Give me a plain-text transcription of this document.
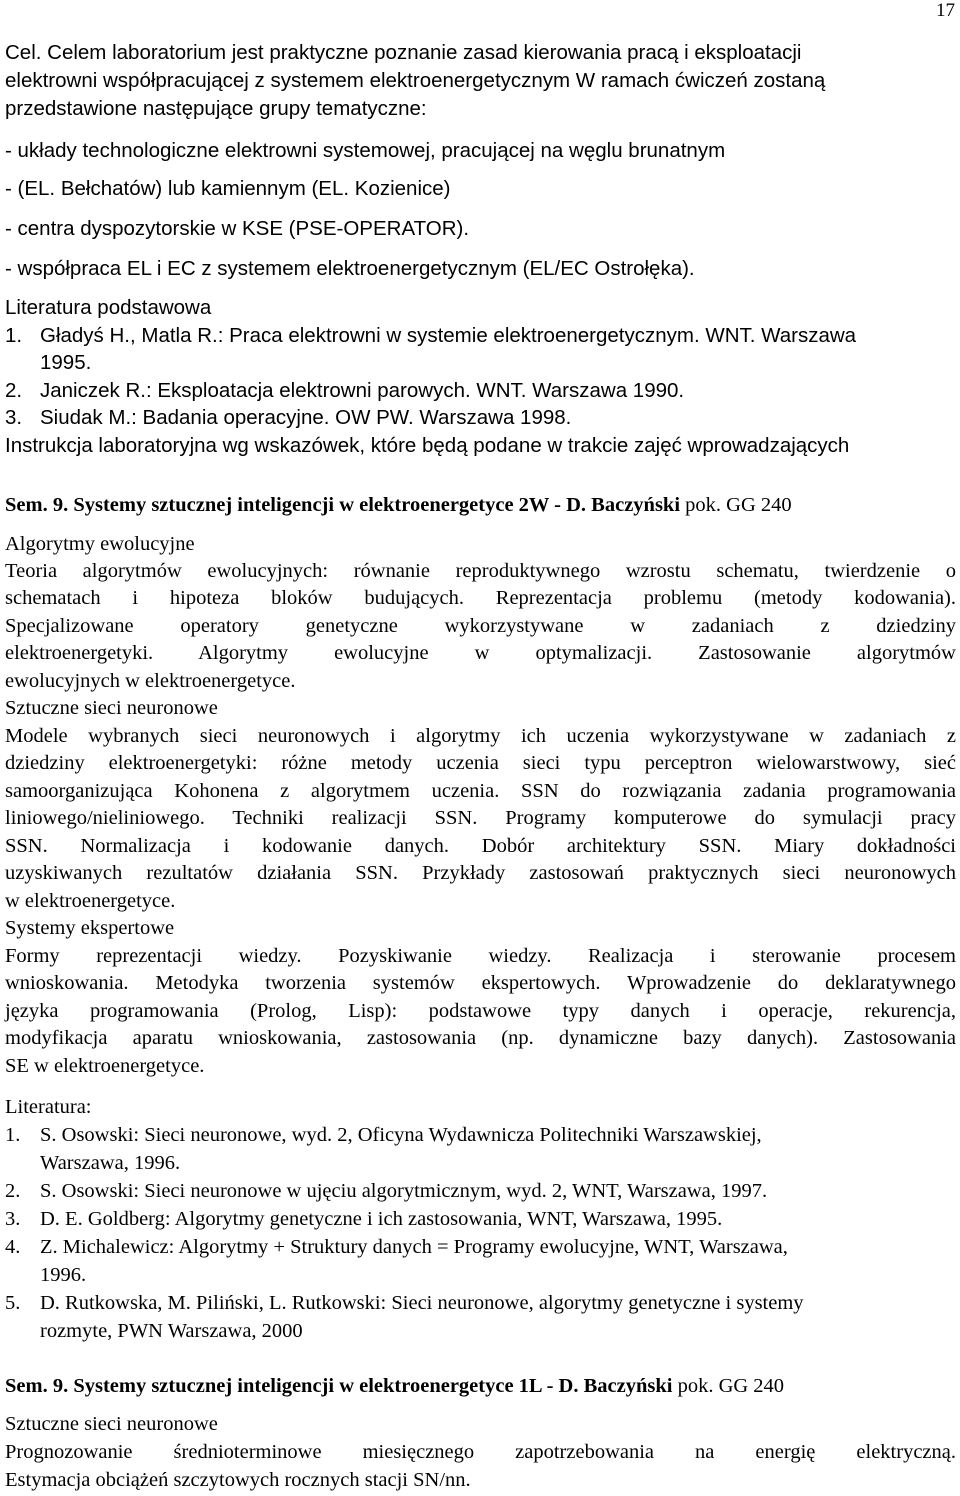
17
Cel. Celem laboratorium jest praktyczne poznanie zasad kierowania pracą i eksploatacji
elektrowni współpracującej z systemem elektroenergetycznym W ramach ćwiczeń zostaną
przedstawione następujące grupy tematyczne:
- układy technologiczne elektrowni systemowej, pracującej na węglu brunatnym
- (EL. Bełchatów) lub kamiennym (EL. Kozienice)
- centra dyspozytorskie w KSE (PSE-OPERATOR).
- współpraca EL i EC z systemem elektroenergetycznym (EL/EC Ostrołęka).
Literatura podstawowa
1. Gładyś H., Matla R.: Praca elektrowni w systemie elektroenergetycznym. WNT. Warszawa
1995.
2. Janiczek R.: Eksploatacja elektrowni parowych. WNT. Warszawa 1990.
3. Siudak M.: Badania operacyjne. OW PW. Warszawa 1998.
Instrukcja laboratoryjna wg wskazówek, które będą podane w trakcie zajęć wprowadzających
Sem. 9. Systemy sztucznej inteligencji w elektroenergetyce 2W - D. Baczyński pok. GG 240
Algorytmy ewolucyjne
Teoria algorytmów ewolucyjnych: równanie reproduktywnego wzrostu schematu, twierdzenie o
schematach i hipoteza bloków budujących. Reprezentacja problemu (metody kodowania).
Specjalizowane operatory genetyczne wykorzystywane w zadaniach z dziedziny
elektroenergetyki. Algorytmy ewolucyjne w optymalizacji. Zastosowanie algorytmów
ewolucyjnych w elektroenergetyce.
Sztuczne sieci neuronowe
Modele wybranych sieci neuronowych i algorytmy ich uczenia wykorzystywane w zadaniach z
dziedziny elektroenergetyki: różne metody uczenia sieci typu perceptron wielowarstwowy, sieć
samoorganizująca Kohonena z algorytmem uczenia. SSN do rozwiązania zadania programowania
liniowego/nieliniowego. Techniki realizacji SSN. Programy komputerowe do symulacji pracy
SSN. Normalizacja i kodowanie danych. Dobór architektury SSN. Miary dokładności
uzyskiwanych rezultatów działania SSN. Przykłady zastosowań praktycznych sieci neuronowych
w elektroenergetyce.
Systemy ekspertowe
Formy reprezentacji wiedzy. Pozyskiwanie wiedzy. Realizacja i sterowanie procesem
wnioskowania. Metodyka tworzenia systemów ekspertowych. Wprowadzenie do deklaratywnego
języka programowania (Prolog, Lisp): podstawowe typy danych i operacje, rekurencja,
modyfikacja aparatu wnioskowania, zastosowania (np. dynamiczne bazy danych). Zastosowania
SE w elektroenergetyce.
Literatura:
1. S. Osowski: Sieci neuronowe, wyd. 2, Oficyna Wydawnicza Politechniki Warszawskiej,
Warszawa, 1996.
2. S. Osowski: Sieci neuronowe w ujęciu algorytmicznym, wyd. 2, WNT, Warszawa, 1997.
3. D. E. Goldberg: Algorytmy genetyczne i ich zastosowania, WNT, Warszawa, 1995.
4. Z. Michalewicz: Algorytmy + Struktury danych = Programy ewolucyjne, WNT, Warszawa,
1996.
5. D. Rutkowska, M. Piliński, L. Rutkowski: Sieci neuronowe, algorytmy genetyczne i systemy
rozmyte, PWN Warszawa, 2000
Sem. 9. Systemy sztucznej inteligencji w elektroenergetyce 1L - D. Baczyński pok. GG 240
Sztuczne sieci neuronowe
Prognozowanie średnioterminowe miesięcznego zapotrzebowania na energię elektryczną.
Estymacja obciążeń szczytowych rocznych stacji SN/nn.
